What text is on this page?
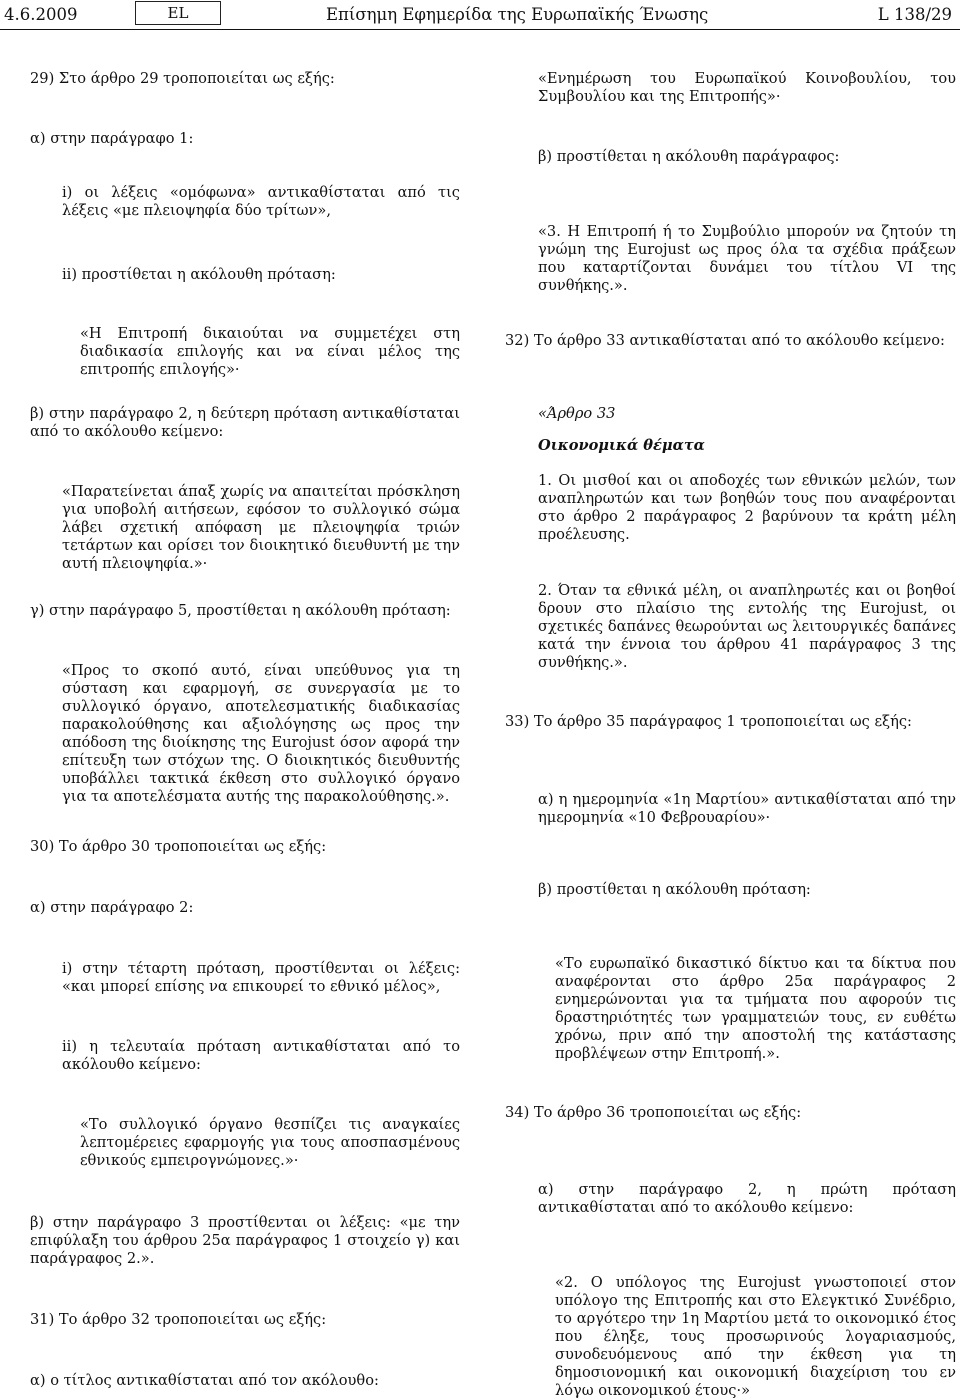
4.6.2009	EL	Επίσημη Εφημερίδα της Ευρωπαϊκής Ένωσης	L 138/29
29) Στο άρθρο 29 τροποποιείται ως εξής:
α) στην παράγραφο 1:
i) οι λέξεις «ομόφωνα» αντικαθίσταται από τις λέξεις «με πλειοψηφία δύο τρίτων»,
ii) προστίθεται η ακόλουθη πρόταση:
«Η Επιτροπή δικαιούται να συμμετέχει στη διαδικασία επιλογής και να είναι μέλος της επιτροπής επιλογής»·
β) στην παράγραφο 2, η δεύτερη πρόταση αντικαθίσταται από το ακόλουθο κείμενο:
«Παρατείνεται άπαξ χωρίς να απαιτείται πρόσκληση για υποβολή αιτήσεων, εφόσον το συλλογικό σώμα λάβει σχετική απόφαση με πλειοψηφία τριών τετάρτων και ορίσει τον διοικητικό διευθυντή με την αυτή πλειοψηφία.»·
γ) στην παράγραφο 5, προστίθεται η ακόλουθη πρόταση:
«Προς το σκοπό αυτό, είναι υπεύθυνος για τη σύσταση και εφαρμογή, σε συνεργασία με το συλλογικό όργανο, αποτελεσματικής διαδικασίας παρακολούθησης και αξιολόγησης ως προς την απόδοση της διοίκησης της Eurojust όσον αφορά την επίτευξη των στόχων της. Ο διοικητικός διευθυντής υποβάλλει τακτικά έκθεση στο συλλογικό όργανο για τα αποτελέσματα αυτής της παρακολούθησης.».
30) Το άρθρο 30 τροποποιείται ως εξής:
α) στην παράγραφο 2:
i) στην τέταρτη πρόταση, προστίθενται οι λέξεις: «και μπορεί επίσης να επικουρεί το εθνικό μέλος»,
ii) η τελευταία πρόταση αντικαθίσταται από το ακόλουθο κείμενο:
«Το συλλογικό όργανο θεσπίζει τις αναγκαίες λεπτομέρειες εφαρμογής για τους αποσπασμένους εθνικούς εμπειρογνώμονες.»·
β) στην παράγραφο 3 προστίθενται οι λέξεις: «με την επιφύλαξη του άρθρου 25α παράγραφος 1 στοιχείο γ) και παράγραφος 2.».
31) Το άρθρο 32 τροποποιείται ως εξής:
α) ο τίτλος αντικαθίσταται από τον ακόλουθο:
«Ενημέρωση του Ευρωπαϊκού Κοινοβουλίου, του Συμβουλίου και της Επιτροπής»·
β) προστίθεται η ακόλουθη παράγραφος:
«3. Η Επιτροπή ή το Συμβούλιο μπορούν να ζητούν τη γνώμη της Eurojust ως προς όλα τα σχέδια πράξεων που καταρτίζονται δυνάμει του τίτλου VI της συνθήκης.».
32) Το άρθρο 33 αντικαθίσταται από το ακόλουθο κείμενο:
«Άρθρο 33
Οικονομικά θέματα
1. Οι μισθοί και οι αποδοχές των εθνικών μελών, των αναπληρωτών και των βοηθών τους που αναφέρονται στο άρθρο 2 παράγραφος 2 βαρύνουν τα κράτη μέλη προέλευσης.
2. Όταν τα εθνικά μέλη, οι αναπληρωτές και οι βοηθοί δρουν στο πλαίσιο της εντολής της Eurojust, οι σχετικές δαπάνες θεωρούνται ως λειτουργικές δαπάνες κατά την έννοια του άρθρου 41 παράγραφος 3 της συνθήκης.».
33) Το άρθρο 35 παράγραφος 1 τροποποιείται ως εξής:
α) η ημερομηνία «1η Μαρτίου» αντικαθίσταται από την ημερομηνία «10 Φεβρουαρίου»·
β) προστίθεται η ακόλουθη πρόταση:
«Το ευρωπαϊκό δικαστικό δίκτυο και τα δίκτυα που αναφέρονται στο άρθρο 25α παράγραφος 2 ενημερώνονται για τα τμήματα που αφορούν τις δραστηριότητές των γραμματειών τους, εν ευθέτω χρόνω, πριν από την αποστολή της κατάστασης προβλέψεων στην Επιτροπή.».
34) Το άρθρο 36 τροποποιείται ως εξής:
α) στην παράγραφο 2, η πρώτη πρόταση αντικαθίσταται από το ακόλουθο κείμενο:
«2. Ο υπόλογος της Eurojust γνωστοποιεί στον υπόλογο της Επιτροπής και στο Ελεγκτικό Συνέδριο, το αργότερο την 1η Μαρτίου μετά το οικονομικό έτος που έληξε, τους προσωρινούς λογαριασμούς, συνοδευόμενους από την έκθεση για τη δημοσιονομική και οικονομική διαχείριση του εν λόγω οικονομικού έτους·»
